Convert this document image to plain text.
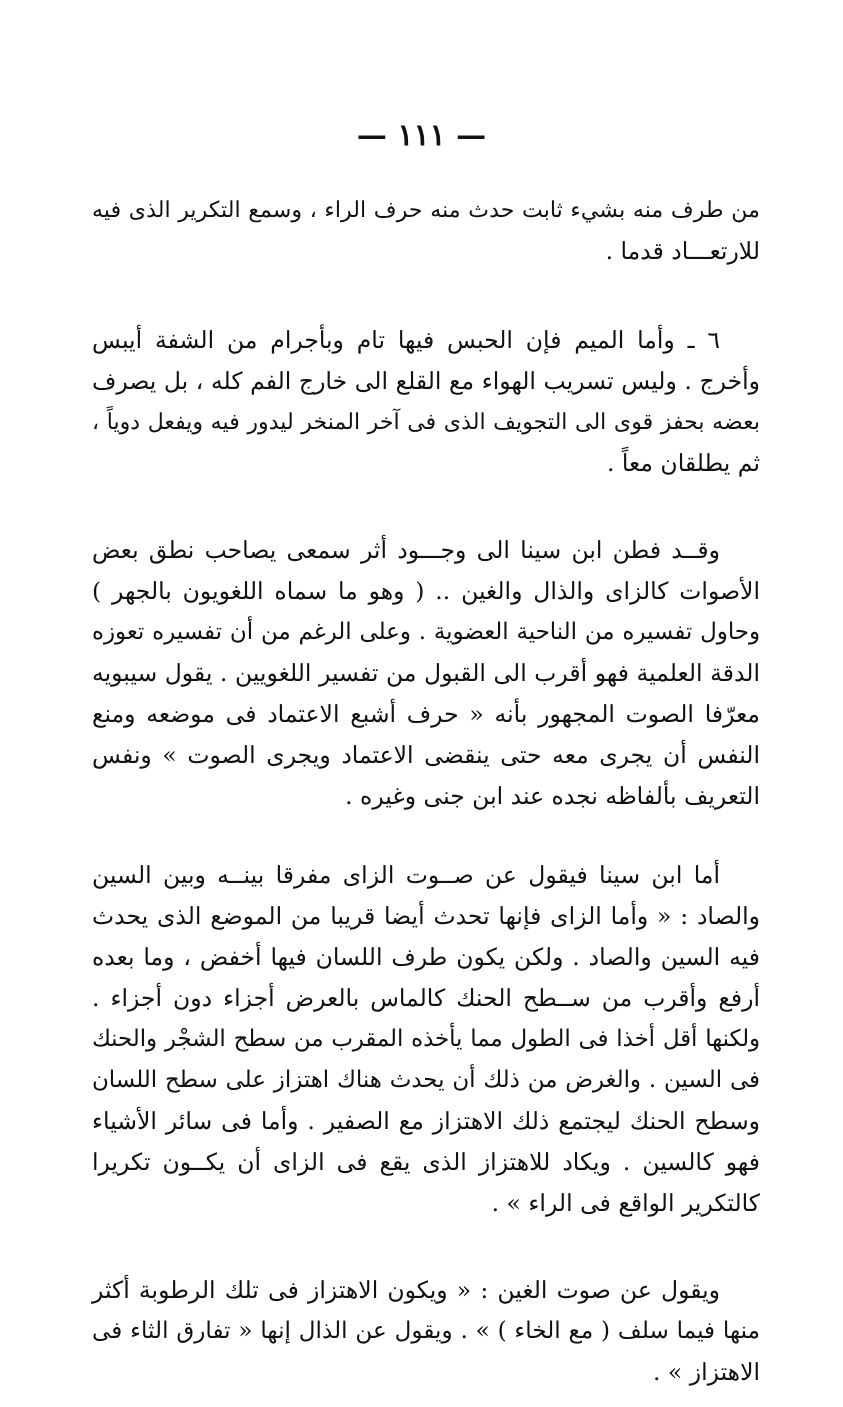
— ١١١ —
من طرف منه بشيء ثابت حدث منه حرف الراء ، وسمع التكرير الذى فيه
للارتعـــاد قدما .
٦ ـ وأما الميم فإن الحبس فيها تام وبأجرام من الشفة أيبس
وأخرج . وليس تسريب الهواء مع القلع الى خارج الفم كله ، بل يصرف
بعضه بحفز قوى الى التجويف الذى فى آخر المنخر ليدور فيه ويفعل دوياً ،
ثم يطلقان معاً .
وقــد فطن ابن سينا الى وجـــود أثر سمعى يصاحب نطق بعض
الأصوات كالزاى والذال والغين .. ( وهو ما سماه اللغويون بالجهر )
وحاول تفسيره من الناحية العضوية . وعلى الرغم من أن تفسيره تعوزه
الدقة العلمية فهو أقرب الى القبول من تفسير اللغويين . يقول سيبويه
معرّفا الصوت المجهور بأنه « حرف أشبع الاعتماد فى موضعه ومنع
النفس أن يجرى معه حتى ينقضى الاعتماد ويجرى الصوت » ونفس
التعريف بألفاظه نجده عند ابن جنى وغيره .
أما ابن سينا فيقول عن صــوت الزاى مفرقا بينــه وبين السين
والصاد : « وأما الزاى فإنها تحدث أيضا قريبا من الموضع الذى يحدث
فيه السين والصاد . ولكن يكون طرف اللسان فيها أخفض ، وما بعده
أرفع وأقرب من ســطح الحنك كالماس بالعرض أجزاء دون أجزاء .
ولكنها أقل أخذا فى الطول مما يأخذه المقرب من سطح الشجْر والحنك
فى السين . والغرض من ذلك أن يحدث هناك اهتزاز على سطح اللسان
وسطح الحنك ليجتمع ذلك الاهتزاز مع الصفير . وأما فى سائر الأشياء
فهو كالسين . ويكاد للاهتزاز الذى يقع فى الزاى أن يكــون تكريرا
كالتكرير الواقع فى الراء » .
ويقول عن صوت الغين : « ويكون الاهتزاز فى تلك الرطوبة أكثر
منها فيما سلف ( مع الخاء ) » . ويقول عن الذال إنها « تفارق الثاء فى
الاهتزاز » .
